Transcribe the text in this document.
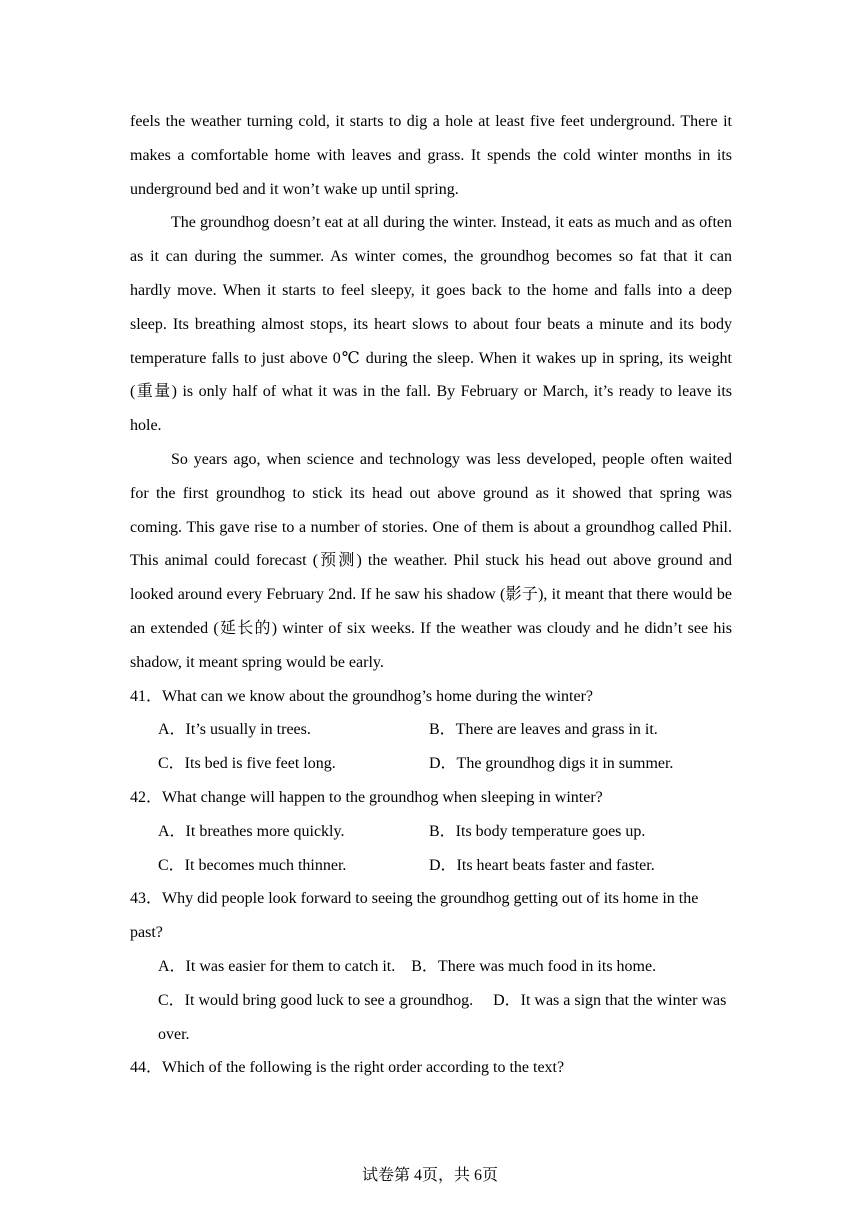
feels the weather turning cold, it starts to dig a hole at least five feet underground. There it makes a comfortable home with leaves and grass. It spends the cold winter months in its underground bed and it won’t wake up until spring.

The groundhog doesn’t eat at all during the winter. Instead, it eats as much and as often as it can during the summer. As winter comes, the groundhog becomes so fat that it can hardly move. When it starts to feel sleepy, it goes back to the home and falls into a deep sleep. Its breathing almost stops, its heart slows to about four beats a minute and its body temperature falls to just above 0℃ during the sleep. When it wakes up in spring, its weight (重量) is only half of what it was in the fall. By February or March, it’s ready to leave its hole.

So years ago, when science and technology was less developed, people often waited for the first groundhog to stick its head out above ground as it showed that spring was coming. This gave rise to a number of stories. One of them is about a groundhog called Phil. This animal could forecast (预测) the weather. Phil stuck his head out above ground and looked around every February 2nd. If he saw his shadow (影子), it meant that there would be an extended (延长的) winter of six weeks. If the weather was cloudy and he didn’t see his shadow, it meant spring would be early.

41．What can we know about the groundhog’s home during the winter?

A．It’s usually in trees.	B．There are leaves and grass in it.
C．Its bed is five feet long.	D．The groundhog digs it in summer.

42．What change will happen to the groundhog when sleeping in winter?

A．It breathes more quickly.	B．Its body temperature goes up.
C．It becomes much thinner.	D．Its heart beats faster and faster.

43．Why did people look forward to seeing the groundhog getting out of its home in the past?

A．It was easier for them to catch it.　B．There was much food in its home.
C．It would bring good luck to see a groundhog.　 D．It was a sign that the winter was over.

44．Which of the following is the right order according to the text?

试卷第 4页，共 6页
